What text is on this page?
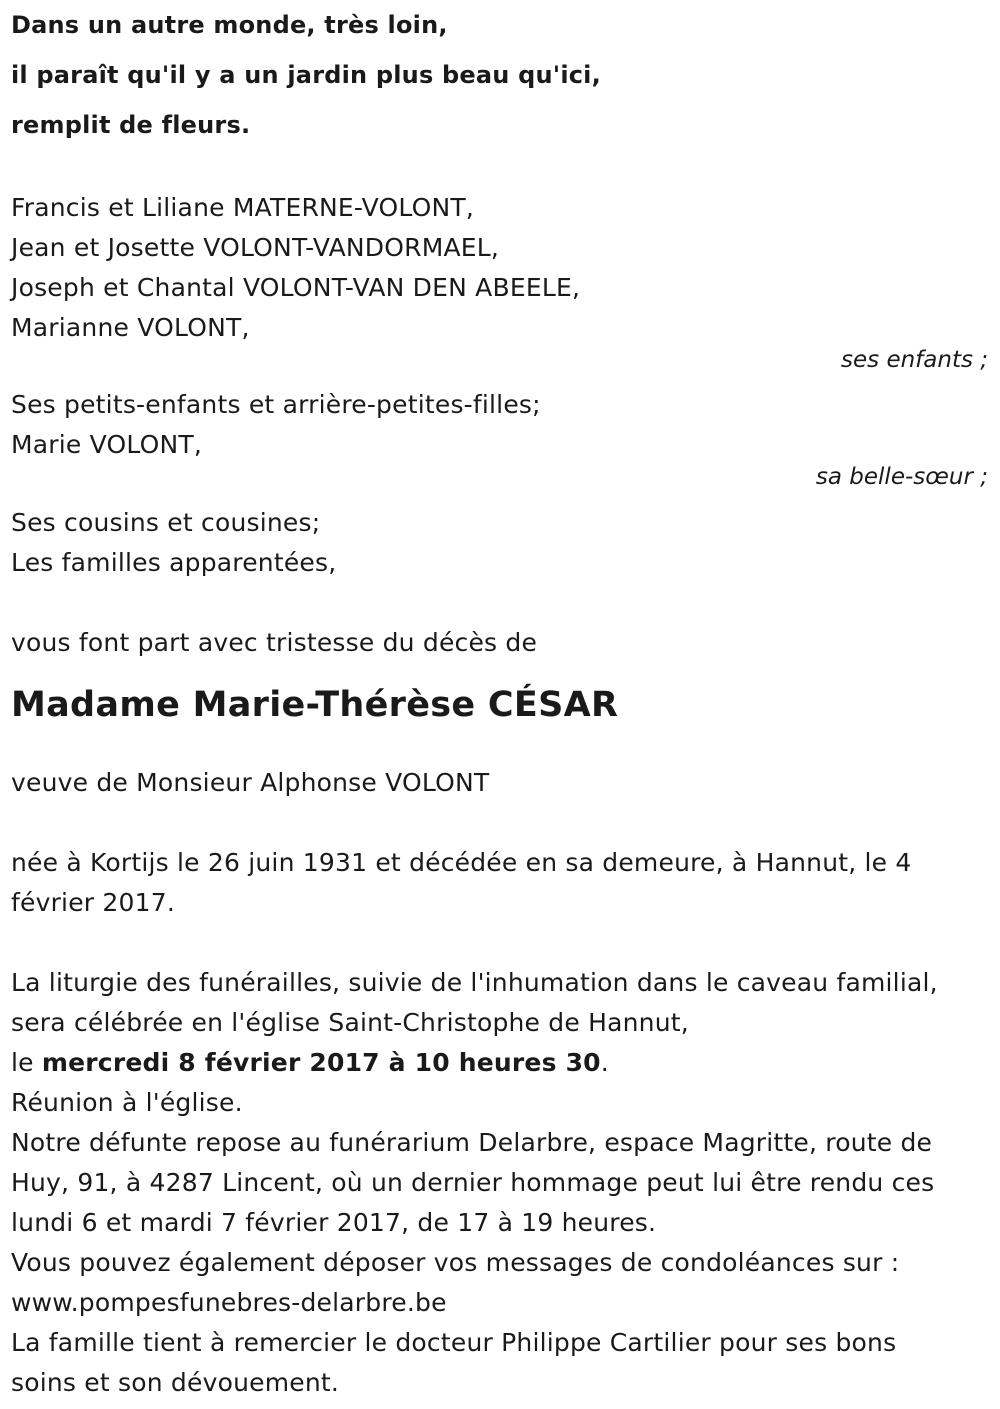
Dans un autre monde, très loin,
il paraît qu'il y a un jardin plus beau qu'ici,
remplit de fleurs.
Francis et Liliane MATERNE-VOLONT,
Jean et Josette VOLONT-VANDORMAEL,
Joseph et Chantal VOLONT-VAN DEN ABEELE,
Marianne VOLONT,
ses enfants ;
Ses petits-enfants et arrière-petites-filles;
Marie VOLONT,
sa belle-sœur ;
Ses cousins et cousines;
Les familles apparentées,
vous font part avec tristesse du décès de
Madame Marie-Thérèse CÉSAR
veuve de Monsieur Alphonse VOLONT
née à Kortijs le 26 juin 1931 et décédée en sa demeure, à Hannut, le 4
février 2017.
La liturgie des funérailles, suivie de l'inhumation dans le caveau familial,
sera célébrée en l'église Saint-Christophe de Hannut,
le mercredi 8 février 2017 à 10 heures 30.
Réunion à l'église.
Notre défunte repose au funérarium Delarbre, espace Magritte, route de
Huy, 91, à 4287 Lincent, où un dernier hommage peut lui être rendu ces
lundi 6 et mardi 7 février 2017, de 17 à 19 heures.
Vous pouvez également déposer vos messages de condoléances sur :
www.pompesfunebres-delarbre.be
La famille tient à remercier le docteur Philippe Cartilier pour ses bons
soins et son dévouement.
